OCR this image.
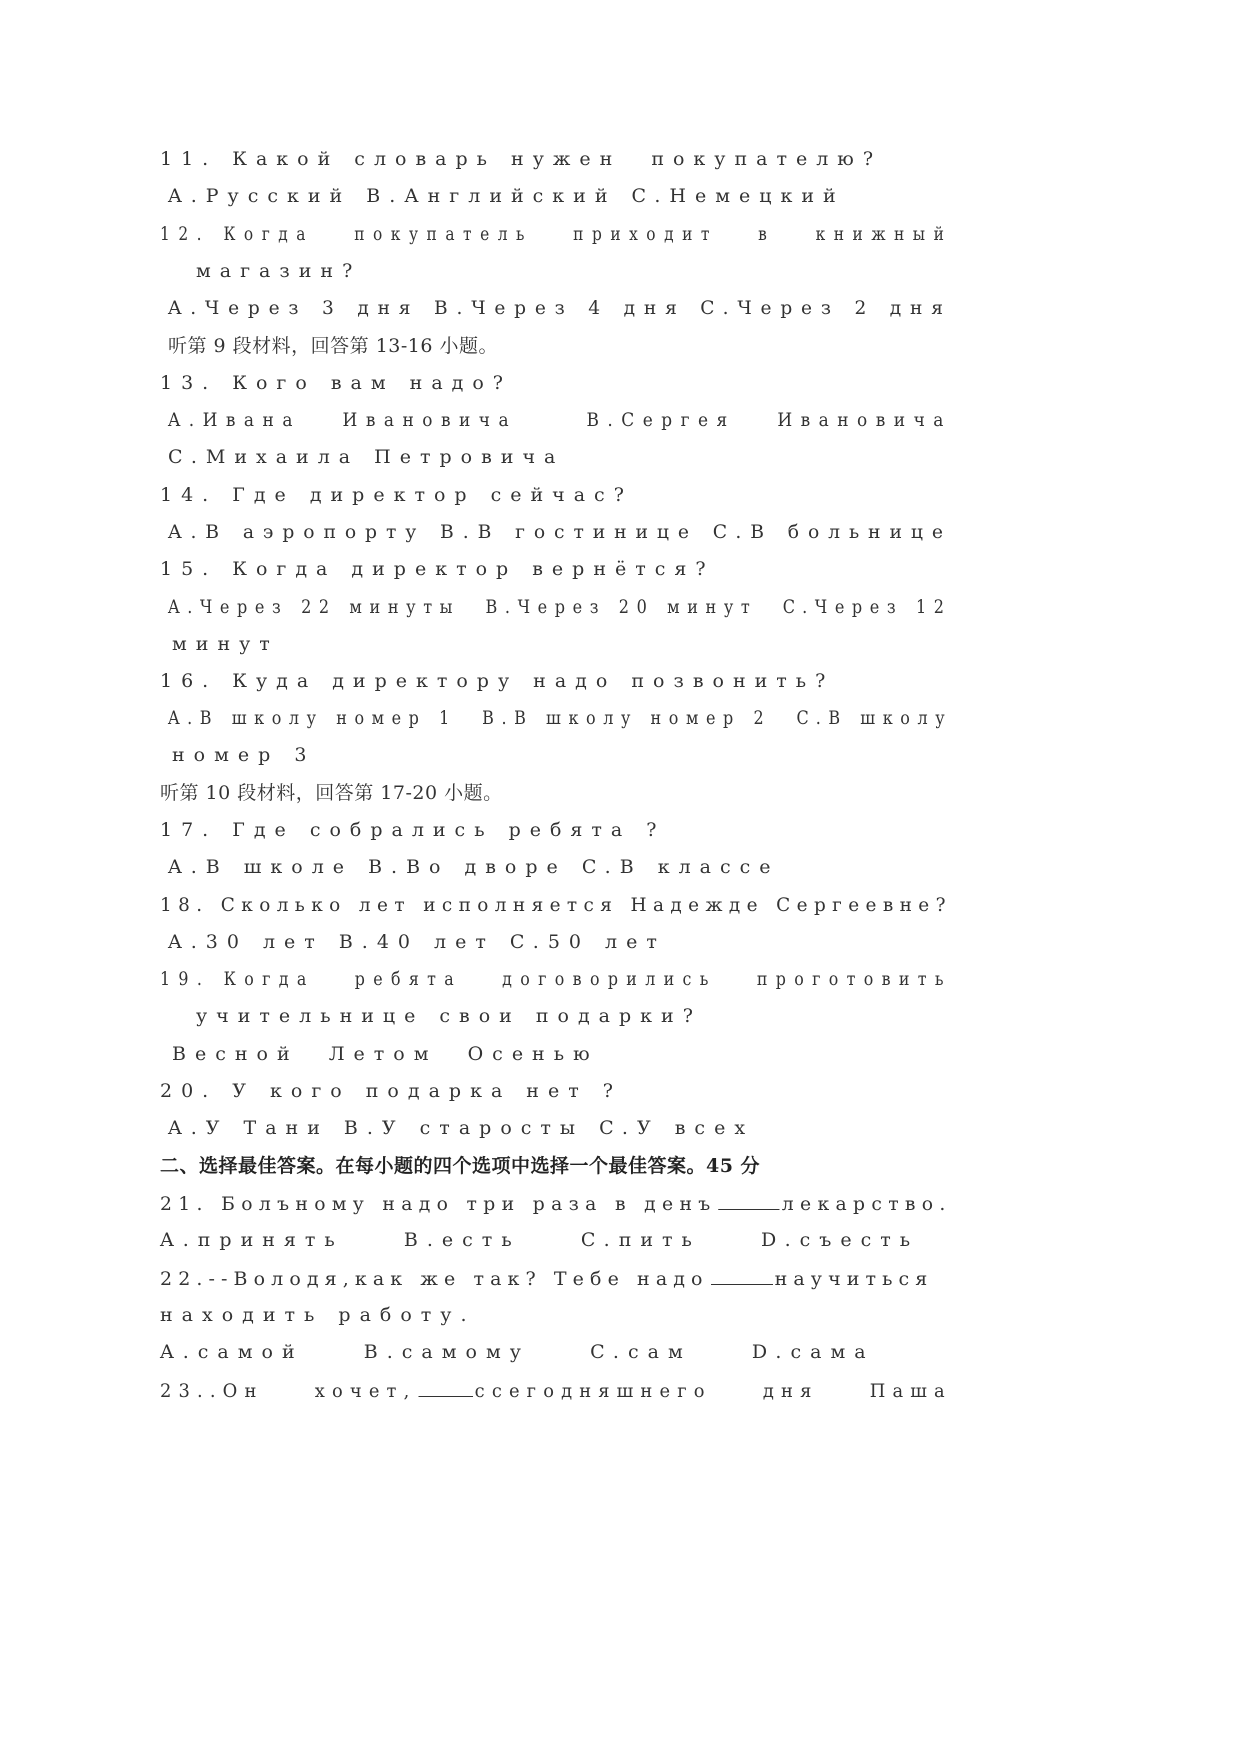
11. Какой словарь нужен  покупателю?
A.Русский B.Английский C.Немецкий
12. Когда   покупатель   приходит   в   книжный
магазин?
A.Через 3 дня B.Через 4 дня C.Через 2 дня
听第 9 段材料，回答第 13-16 小题。
13. Кого вам надо?
A.Ивана   Ивановича     B.Сергея   Ивановича
C.Михаила Петровича
14. Где директор сейчас?
A.В аэропорту B.В гостинице C.В больнице
15. Когда директор вернётся?
A.Через 22 минуты  B.Через 20 минут  C.Через 12
минут
16. Куда директору надо позвонить?
A.В школу номер 1  B.В школу номер 2  C.В школу
номер 3
听第 10 段材料，回答第 17-20 小题。
17. Где собрались ребята ?
A.В школе B.Во дворе C.В классе
18. Сколько лет исполняется Надежде Сергеевне?
A.30 лет B.40 лет C.50 лет
19. Когда   ребята   договорились   проготовить
учительнице свои подарки?
Весной  Летом  Осенью
20. У кого подарка нет ?
A.У Тани B.У старосты C.У всех
二、选择最佳答案。在每小题的四个选项中选择一个最佳答案。45 分
21. Болъному надо три раза в денъ	лекарство.
A.принять    B.есть    C.пить    D.съесть
22.--Володя,как же так? Тебе надо	научиться
находить работу.
A.самой    B.самому    C.сам    D.сама
23..Он    хочет,	ссегодняшнего    дня    Паша
